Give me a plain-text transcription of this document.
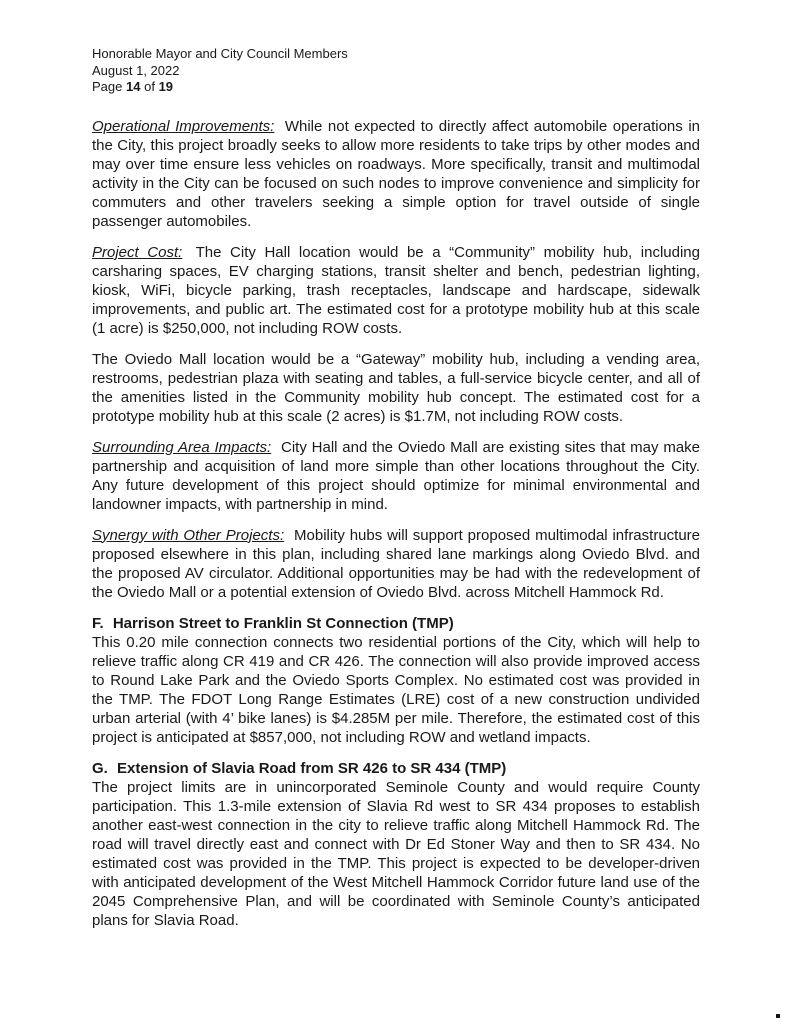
Honorable Mayor and City Council Members
August 1, 2022
Page 14 of 19

Operational Improvements: While not expected to directly affect automobile operations in the City, this project broadly seeks to allow more residents to take trips by other modes and may over time ensure less vehicles on roadways. More specifically, transit and multimodal activity in the City can be focused on such nodes to improve convenience and simplicity for commuters and other travelers seeking a simple option for travel outside of single passenger automobiles.

Project Cost: The City Hall location would be a “Community” mobility hub, including carsharing spaces, EV charging stations, transit shelter and bench, pedestrian lighting, kiosk, WiFi, bicycle parking, trash receptacles, landscape and hardscape, sidewalk improvements, and public art. The estimated cost for a prototype mobility hub at this scale (1 acre) is $250,000, not including ROW costs.

The Oviedo Mall location would be a “Gateway” mobility hub, including a vending area, restrooms, pedestrian plaza with seating and tables, a full-service bicycle center, and all of the amenities listed in the Community mobility hub concept. The estimated cost for a prototype mobility hub at this scale (2 acres) is $1.7M, not including ROW costs.

Surrounding Area Impacts: City Hall and the Oviedo Mall are existing sites that may make partnership and acquisition of land more simple than other locations throughout the City. Any future development of this project should optimize for minimal environmental and landowner impacts, with partnership in mind.

Synergy with Other Projects: Mobility hubs will support proposed multimodal infrastructure proposed elsewhere in this plan, including shared lane markings along Oviedo Blvd. and the proposed AV circulator. Additional opportunities may be had with the redevelopment of the Oviedo Mall or a potential extension of Oviedo Blvd. across Mitchell Hammock Rd.

F. Harrison Street to Franklin St Connection (TMP)

This 0.20 mile connection connects two residential portions of the City, which will help to relieve traffic along CR 419 and CR 426. The connection will also provide improved access to Round Lake Park and the Oviedo Sports Complex. No estimated cost was provided in the TMP. The FDOT Long Range Estimates (LRE) cost of a new construction undivided urban arterial (with 4’ bike lanes) is $4.285M per mile. Therefore, the estimated cost of this project is anticipated at $857,000, not including ROW and wetland impacts.

G. Extension of Slavia Road from SR 426 to SR 434 (TMP)

The project limits are in unincorporated Seminole County and would require County participation. This 1.3-mile extension of Slavia Rd west to SR 434 proposes to establish another east-west connection in the city to relieve traffic along Mitchell Hammock Rd. The road will travel directly east and connect with Dr Ed Stoner Way and then to SR 434. No estimated cost was provided in the TMP. This project is expected to be developer-driven with anticipated development of the West Mitchell Hammock Corridor future land use of the 2045 Comprehensive Plan, and will be coordinated with Seminole County’s anticipated plans for Slavia Road.
